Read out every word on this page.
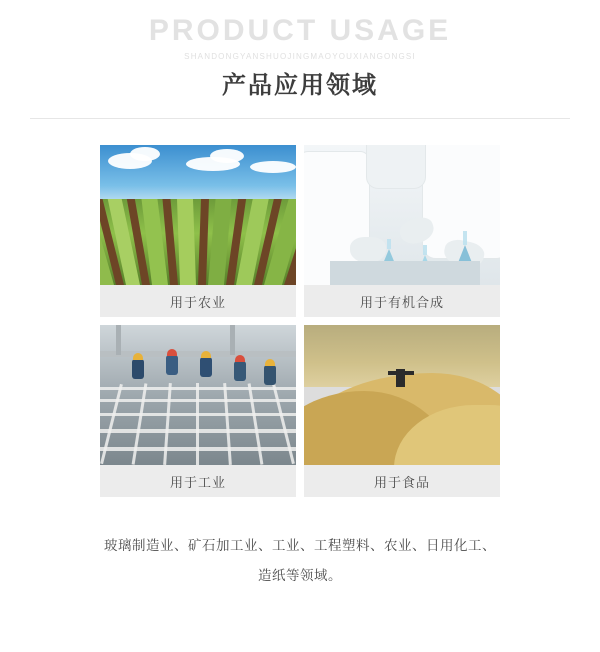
PRODUCT USAGE
SHANDONGYANSHUOJINGMAOYOUXIANGONGSI
产品应用领域
用于农业	用于有机合成
用于工业	用于食品
玻璃制造业、矿石加工业、工业、工程塑料、农业、日用化工、
造纸等领域。
